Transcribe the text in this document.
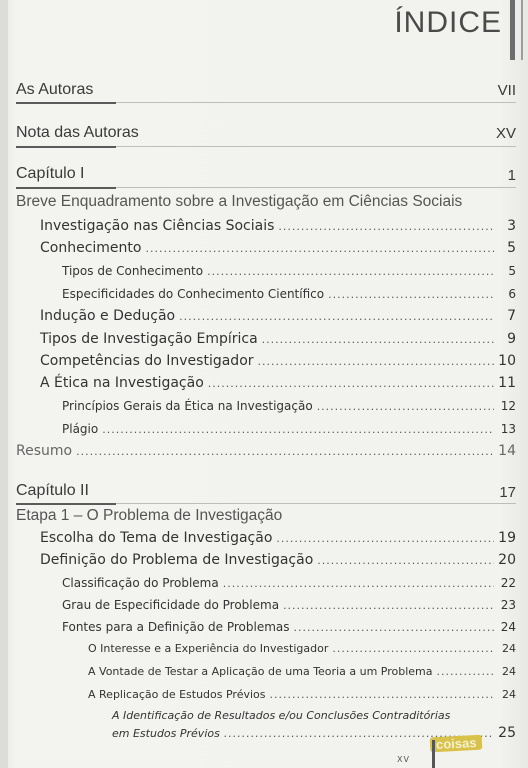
ÍNDICE
As Autoras	VII
Nota das Autoras	XV
Capítulo I	1
Breve Enquadramento sobre a Investigação em Ciências Sociais
Investigação nas Ciências Sociais .....	3
Conhecimento .....	5
Tipos de Conhecimento .....	5
Especificidades do Conhecimento Científico .....	6
Indução e Dedução .....	7
Tipos de Investigação Empírica .....	9
Competências do Investigador .....	10
A Ética na Investigação .....	11
Princípios Gerais da Ética na Investigação .....	12
Plágio .....	13
Resumo .....	14
Capítulo II	17
Etapa 1 – O Problema de Investigação
Escolha do Tema de Investigação .....	19
Definição do Problema de Investigação .....	20
Classificação do Problema .....	22
Grau de Especificidade do Problema .....	23
Fontes para a Definição de Problemas .....	24
O Interesse e a Experiência do Investigador .....	24
A Vontade de Testar a Aplicação de uma Teoria a um Problema .....	24
A Replicação de Estudos Prévios .....	24
A Identificação de Resultados e/ou Conclusões Contraditórias
em Estudos Prévios .....	25
coisas
XV
